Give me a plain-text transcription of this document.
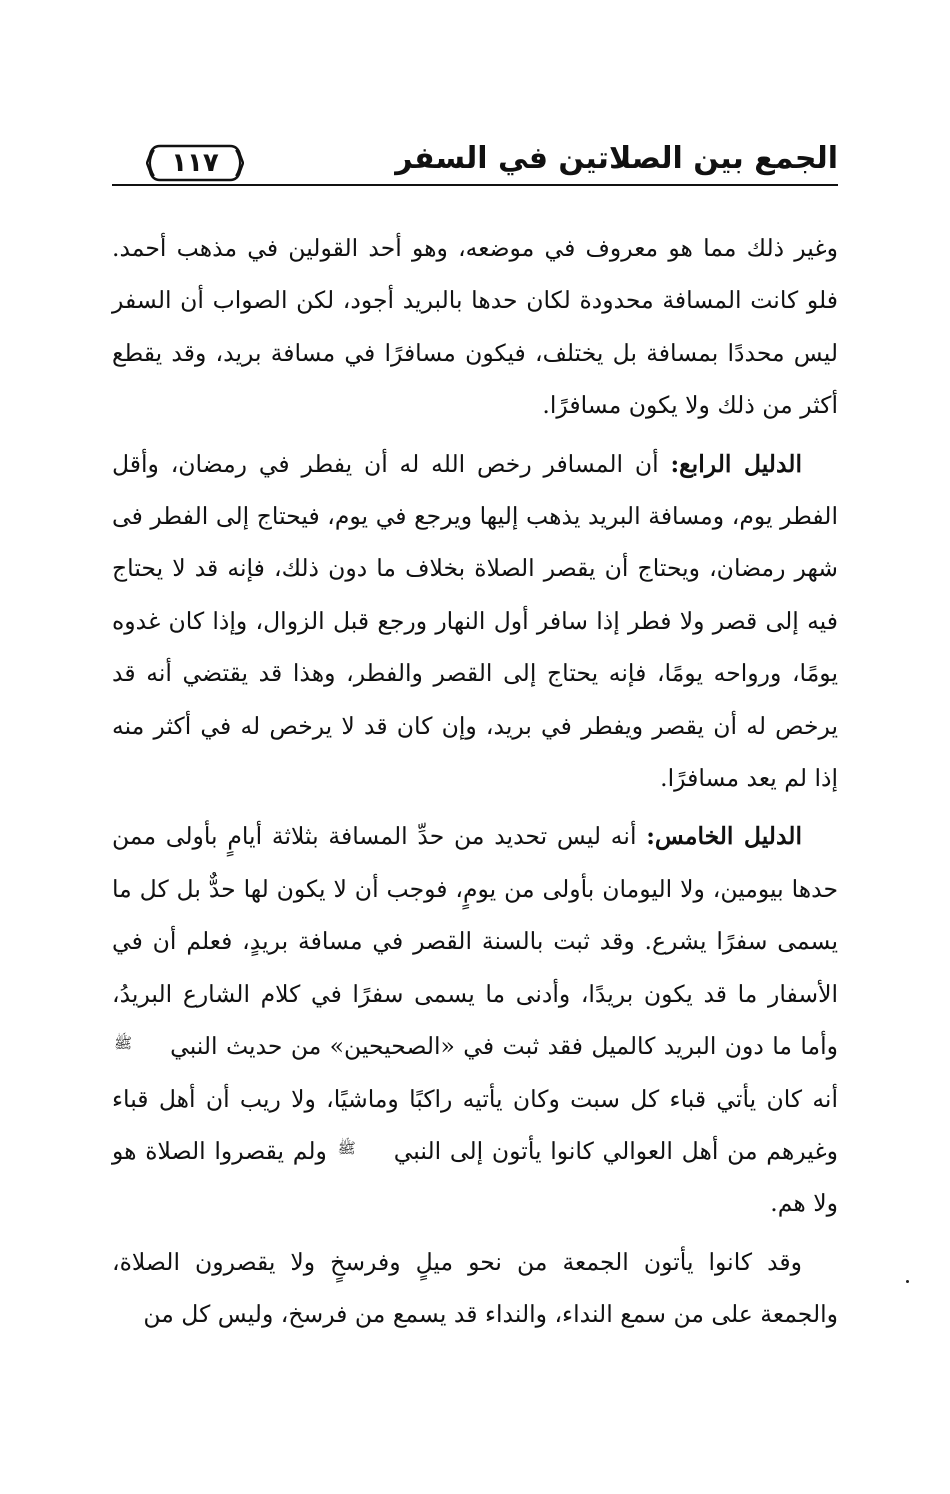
الجمع بين الصلاتين في السفر
١١٧

وغير ذلك مما هو معروف في موضعه، وهو أحد القولين في مذهب أحمد. فلو كانت المسافة محدودة لكان حدها بالبريد أجود، لكن الصواب أن السفر ليس محددًا بمسافة بل يختلف، فيكون مسافرًا في مسافة بريد، وقد يقطع أكثر من ذلك ولا يكون مسافرًا.

الدليل الرابع: أن المسافر رخص الله له أن يفطر في رمضان، وأقل الفطر يوم، ومسافة البريد يذهب إليها ويرجع في يوم، فيحتاج إلى الفطر فى شهر رمضان، ويحتاج أن يقصر الصلاة بخلاف ما دون ذلك، فإنه قد لا يحتاج فيه إلى قصر ولا فطر إذا سافر أول النهار ورجع قبل الزوال، وإذا كان غدوه يومًا، ورواحه يومًا، فإنه يحتاج إلى القصر والفطر، وهذا قد يقتضي أنه قد يرخص له أن يقصر ويفطر في بريد، وإن كان قد لا يرخص له في أكثر منه إذا لم يعد مسافرًا.

الدليل الخامس: أنه ليس تحديد من حدِّ المسافة بثلاثة أيامٍ بأولى ممن حدها بيومين، ولا اليومان بأولى من يومٍ، فوجب أن لا يكون لها حدٌّ بل كل ما يسمى سفرًا يشرع. وقد ثبت بالسنة القصر في مسافة بريدٍ، فعلم أن في الأسفار ما قد يكون بريدًا، وأدنى ما يسمى سفرًا في كلام الشارع البريدُ، وأما ما دون البريد كالميل فقد ثبت في «الصحيحين» من حديث النبيﷺ أنه كان يأتي قباء كل سبت وكان يأتيه راكبًا وماشيًا، ولا ريب أن أهل قباء وغيرهم من أهل العوالي كانوا يأتون إلى النبيﷺ ولم يقصروا الصلاة هو ولا هم.

وقد كانوا يأتون الجمعة من نحو ميلٍ وفرسخٍ ولا يقصرون الصلاة، والجمعة على من سمع النداء، والنداء قد يسمع من فرسخ، وليس كل من
